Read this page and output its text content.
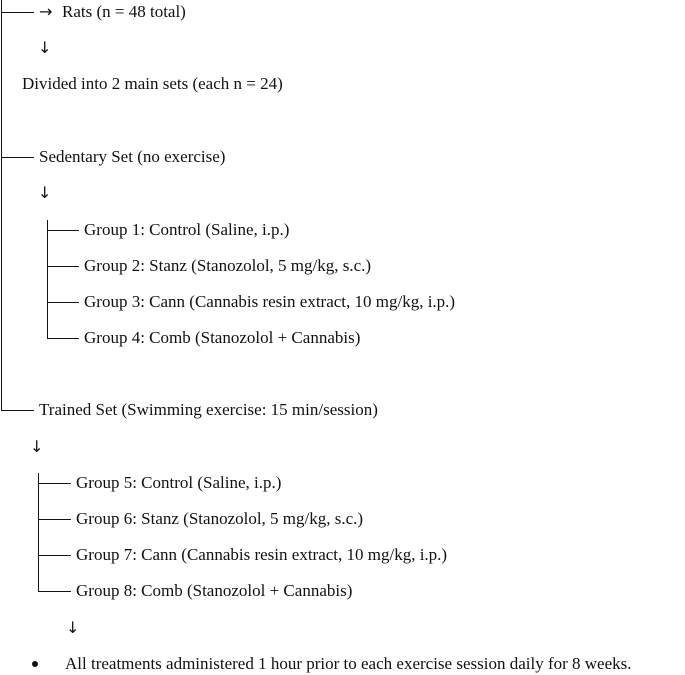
→ Rats (n = 48 total)
↓
Divided into 2 main sets (each n = 24)
Sedentary Set (no exercise)
↓
Group 1: Control (Saline, i.p.)
Group 2: Stanz (Stanozolol, 5 mg/kg, s.c.)
Group 3: Cann (Cannabis resin extract, 10 mg/kg, i.p.)
Group 4: Comb (Stanozolol + Cannabis)
Trained Set (Swimming exercise: 15 min/session)
↓
Group 5: Control (Saline, i.p.)
Group 6: Stanz (Stanozolol, 5 mg/kg, s.c.)
Group 7: Cann (Cannabis resin extract, 10 mg/kg, i.p.)
Group 8: Comb (Stanozolol + Cannabis)
↓
All treatments administered 1 hour prior to each exercise session daily for 8 weeks.
